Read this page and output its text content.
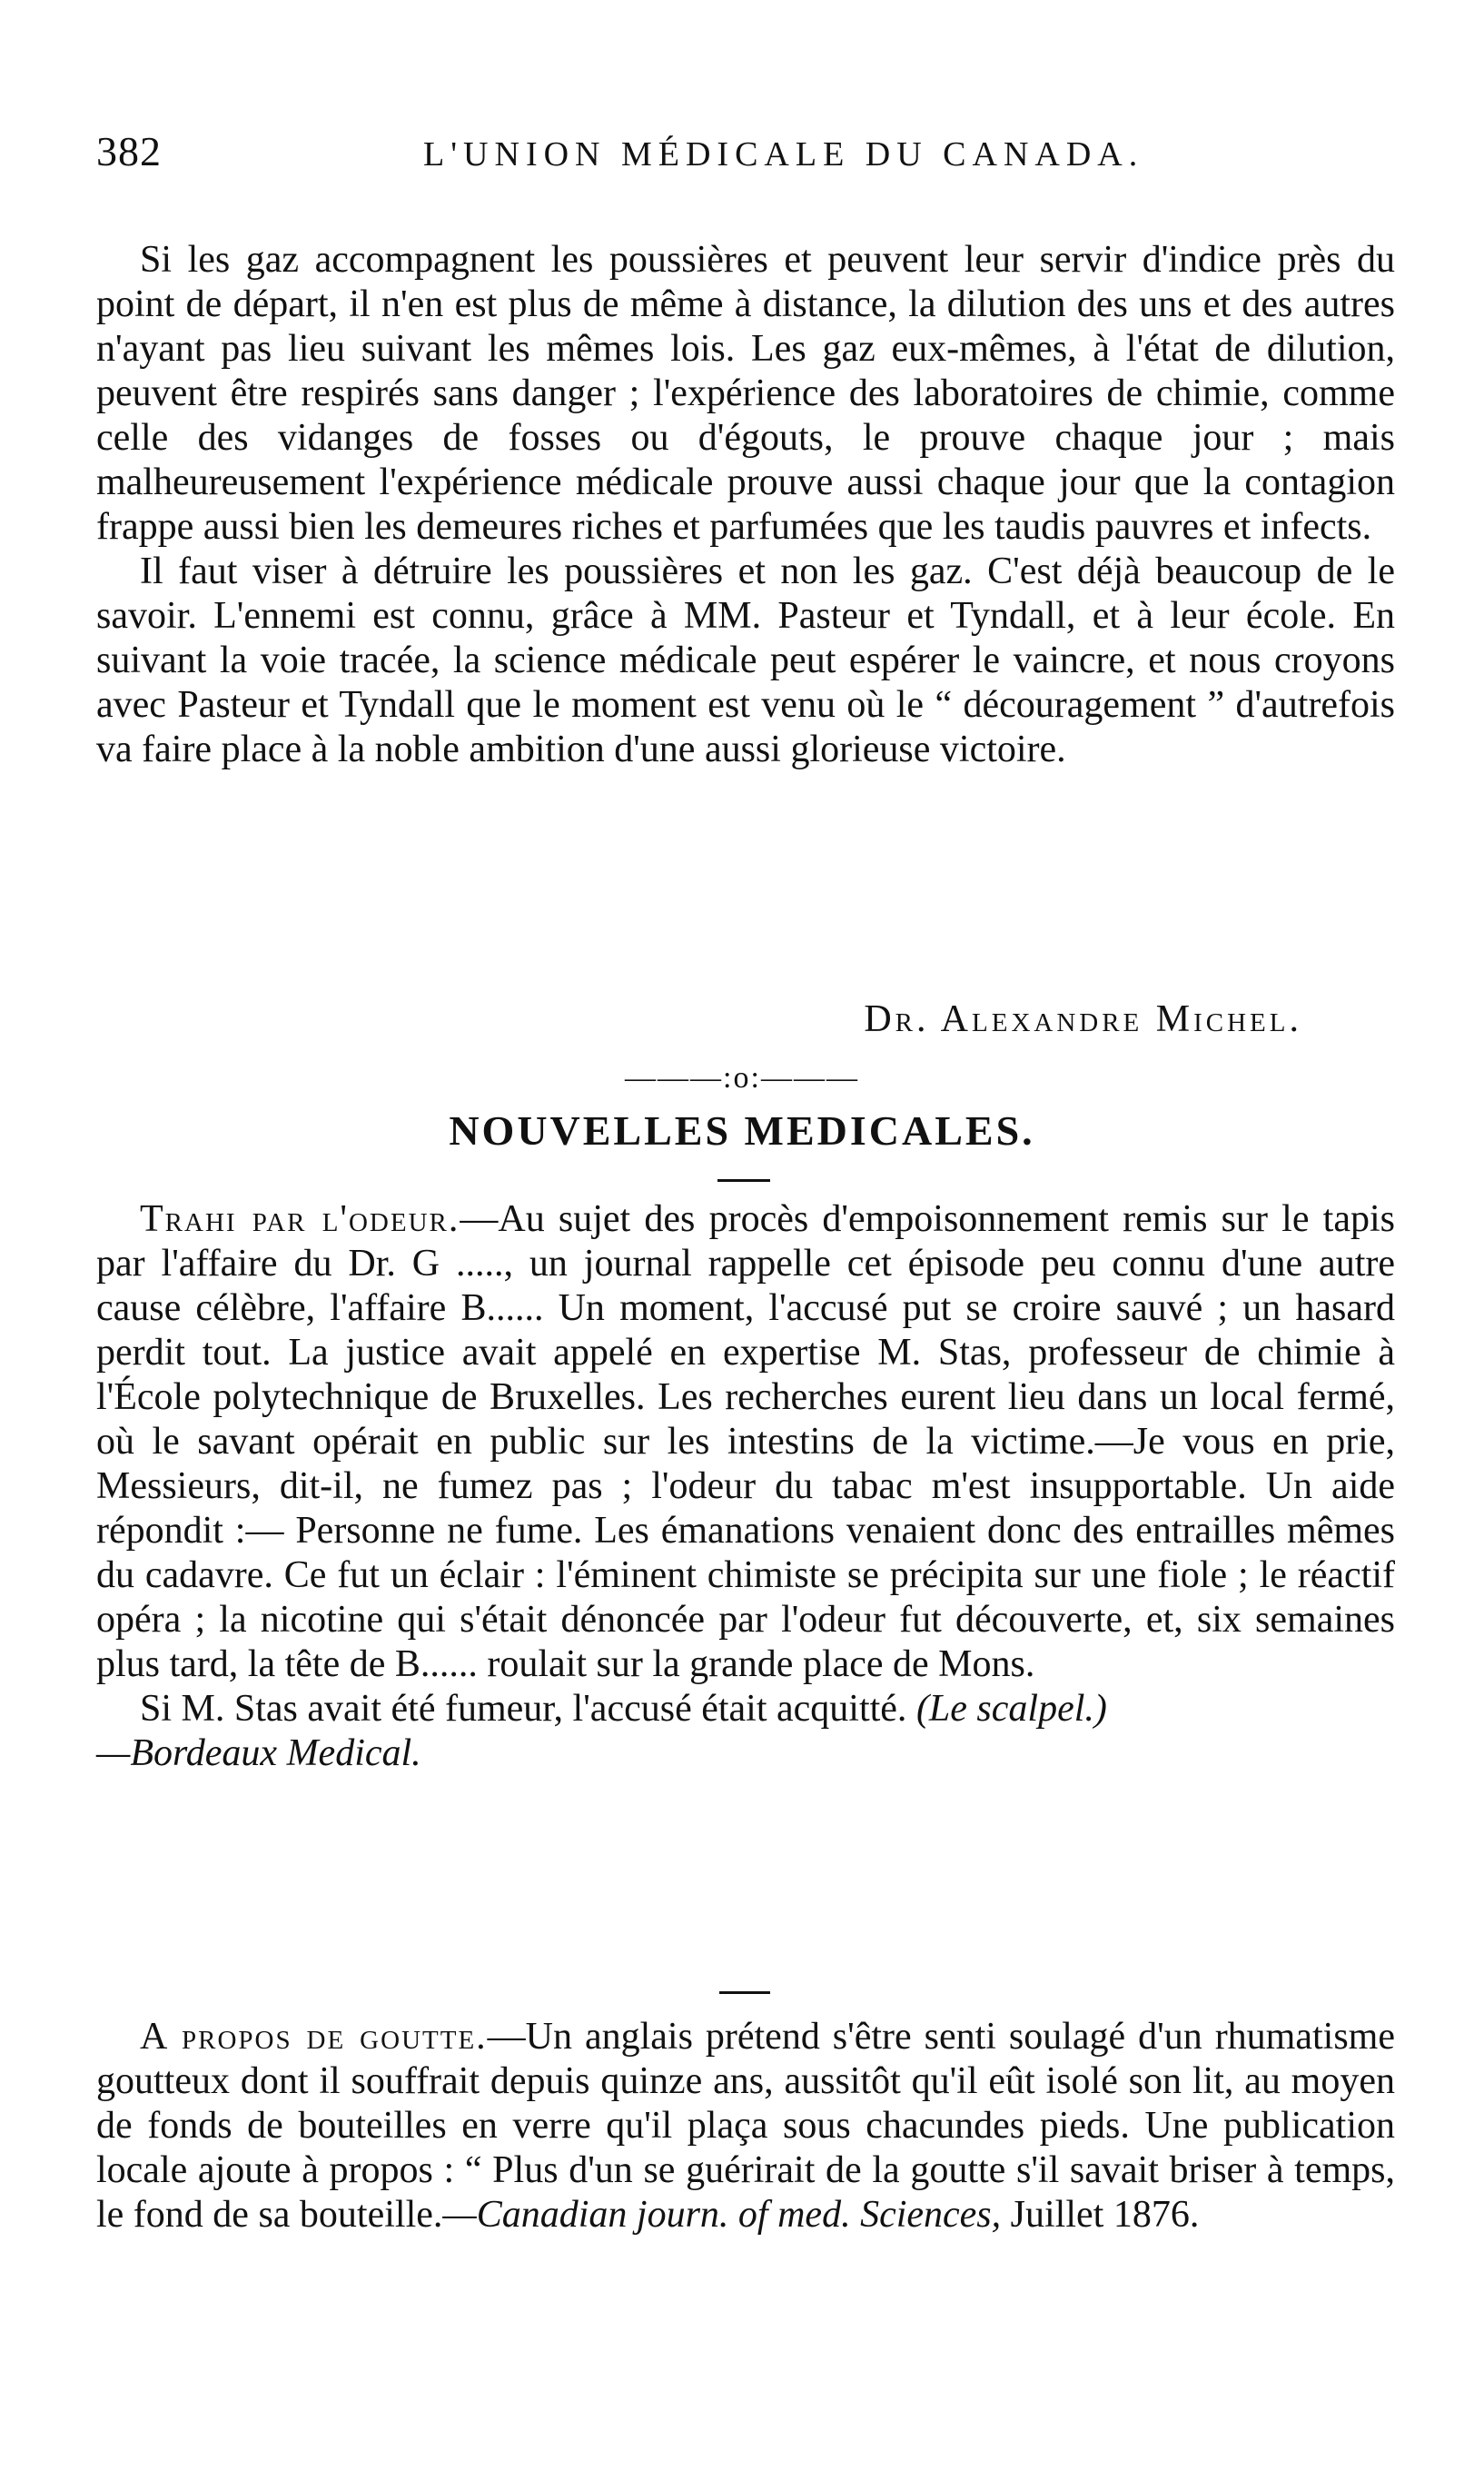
382	L'UNION MÉDICALE DU CANADA.

Si les gaz accompagnent les poussières et peuvent leur servir d'indice près du point de départ, il n'en est plus de même à distance, la dilution des uns et des autres n'ayant pas lieu suivant les mêmes lois. Les gaz eux-mêmes, à l'état de dilution, peuvent être respirés sans danger ; l'expérience des laboratoires de chimie, comme celle des vidanges de fosses ou d'égouts, le prouve chaque jour ; mais malheureusement l'expérience médicale prouve aussi chaque jour que la contagion frappe aussi bien les demeures riches et parfumées que les taudis pauvres et infects.

Il faut viser à détruire les poussières et non les gaz. C'est déjà beaucoup de le savoir. L'ennemi est connu, grâce à MM. Pasteur et Tyndall, et à leur école. En suivant la voie tracée, la science médicale peut espérer le vaincre, et nous croyons avec Pasteur et Tyndall que le moment est venu où le “ découragement ” d'autrefois va faire place à la noble ambition d'une aussi glorieuse victoire.

Dr. Alexandre Michel.
———:o:———
NOUVELLES MEDICALES.

Trahi par l'odeur.—Au sujet des procès d'empoisonnement remis sur le tapis par l'affaire du Dr. G ....., un journal rappelle cet épisode peu connu d'une autre cause célèbre, l'affaire B...... Un moment, l'accusé put se croire sauvé ; un hasard perdit tout. La justice avait appelé en expertise M. Stas, professeur de chimie à l'École polytechnique de Bruxelles. Les recherches eurent lieu dans un local fermé, où le savant opérait en public sur les intestins de la victime.—Je vous en prie, Messieurs, dit-il, ne fumez pas ; l'odeur du tabac m'est insupportable. Un aide répondit :— Personne ne fume. Les émanations venaient donc des entrailles mêmes du cadavre. Ce fut un éclair : l'éminent chimiste se précipita sur une fiole ; le réactif opéra ; la nicotine qui s'était dénoncée par l'odeur fut découverte, et, six semaines plus tard, la tête de B...... roulait sur la grande place de Mons.

Si M. Stas avait été fumeur, l'accusé était acquitté. (Le scalpel.)
—Bordeaux Medical.

A propos de goutte.—Un anglais prétend s'être senti soulagé d'un rhumatisme goutteux dont il souffrait depuis quinze ans, aussitôt qu'il eût isolé son lit, au moyen de fonds de bouteilles en verre qu'il plaça sous chacundes pieds. Une publication locale ajoute à propos : “ Plus d'un se guérirait de la goutte s'il savait briser à temps, le fond de sa bouteille.—Canadian journ. of med. Sciences, Juillet 1876.
